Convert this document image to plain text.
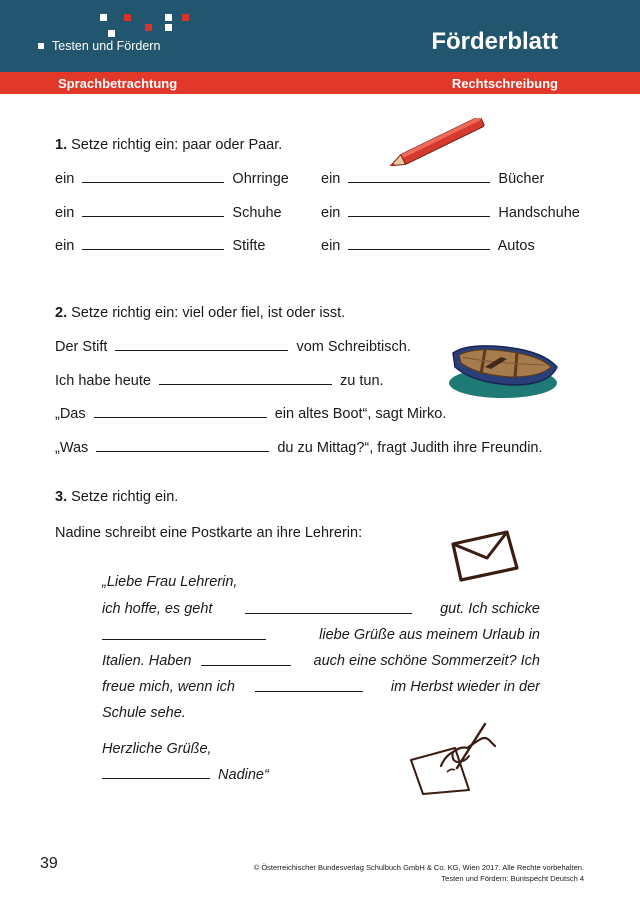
Testen und Fördern	Förderblatt
Sprachbetrachtung	Rechtschreibung
1. Setze richtig ein: paar oder Paar.
ein	Ohrringe ein	Bücher
ein	Schuhe	ein	Handschuhe
ein	Stifte	ein	Autos
2. Setze richtig ein: viel oder fiel, ist oder isst.
Der Stift	vom Schreibtisch.
Ich habe heute	zu tun.
„Das	ein altes Boot“, sagt Mirko.
„Was	du zu Mittag?“, fragt Judith ihre Freundin.
3. Setze richtig ein.
Nadine schreibt eine Postkarte an ihre Lehrerin:
„Liebe Frau Lehrerin,
ich hoffe, es geht	gut. Ich schicke
liebe Grüße aus meinem Urlaub in
Italien. Haben	auch eine schöne Sommerzeit? Ich
freue mich, wenn ich	im Herbst wieder in der
Schule sehe.
Herzliche Grüße,
Nadine“
39	© Österreichischer Bundesverlag Schulbuch GmbH & Co. KG, Wien 2017. Alle Rechte vorbehalten.
Testen und Fördern: Buntspecht Deutsch 4
